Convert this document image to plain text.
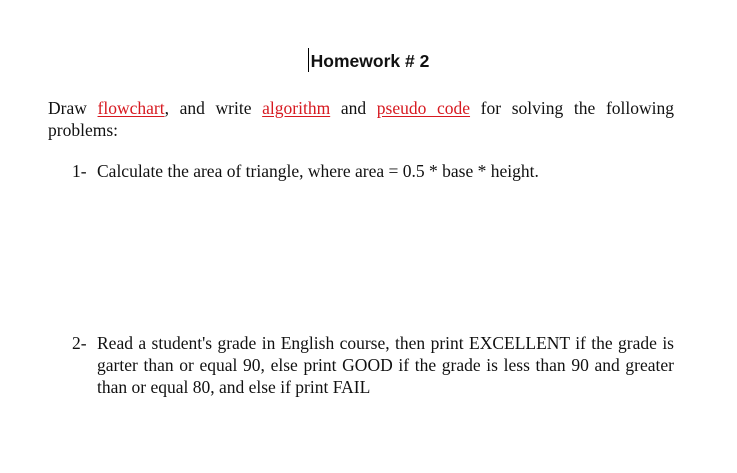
Homework # 2
Draw flowchart, and write algorithm and pseudo code for solving the following problems:
1- Calculate the area of triangle, where area = 0.5 * base * height.
2- Read a student's grade in English course, then print EXCELLENT if the grade is garter than or equal 90, else print GOOD if the grade is less than 90 and greater than or equal 80, and else if print FAIL
